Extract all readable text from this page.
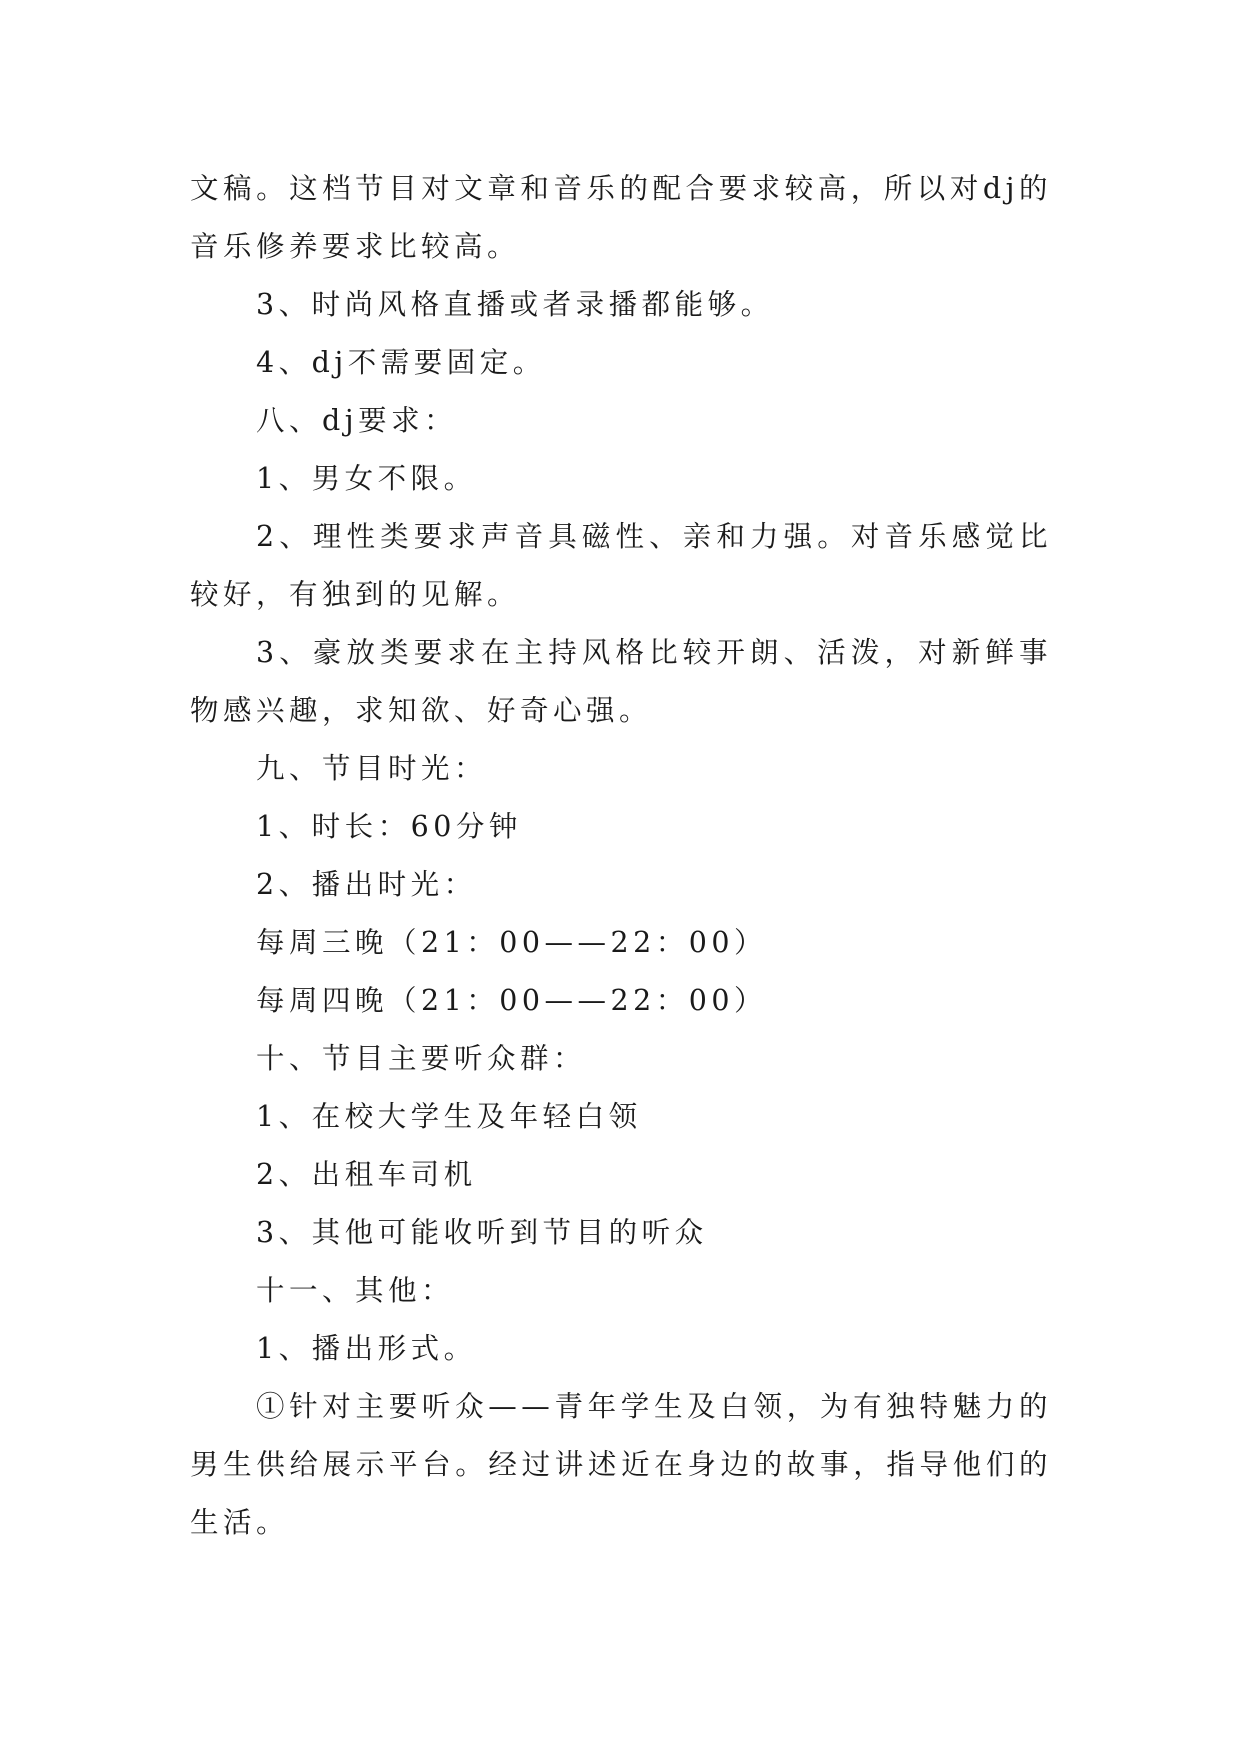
文稿。这档节目对文章和音乐的配合要求较高，所以对dj的音乐修养要求比较高。

3、时尚风格直播或者录播都能够。

4、dj不需要固定。

八、dj要求：

1、男女不限。

2、理性类要求声音具磁性、亲和力强。对音乐感觉比较好，有独到的见解。

3、豪放类要求在主持风格比较开朗、活泼，对新鲜事物感兴趣，求知欲、好奇心强。

九、节目时光：

1、时长：60分钟

2、播出时光：

每周三晚（21：00——22：00）

每周四晚（21：00——22：00）

十、节目主要听众群：

1、在校大学生及年轻白领

2、出租车司机

3、其他可能收听到节目的听众

十一、其他：

1、播出形式。

①针对主要听众——青年学生及白领，为有独特魅力的男生供给展示平台。经过讲述近在身边的故事，指导他们的生活。
